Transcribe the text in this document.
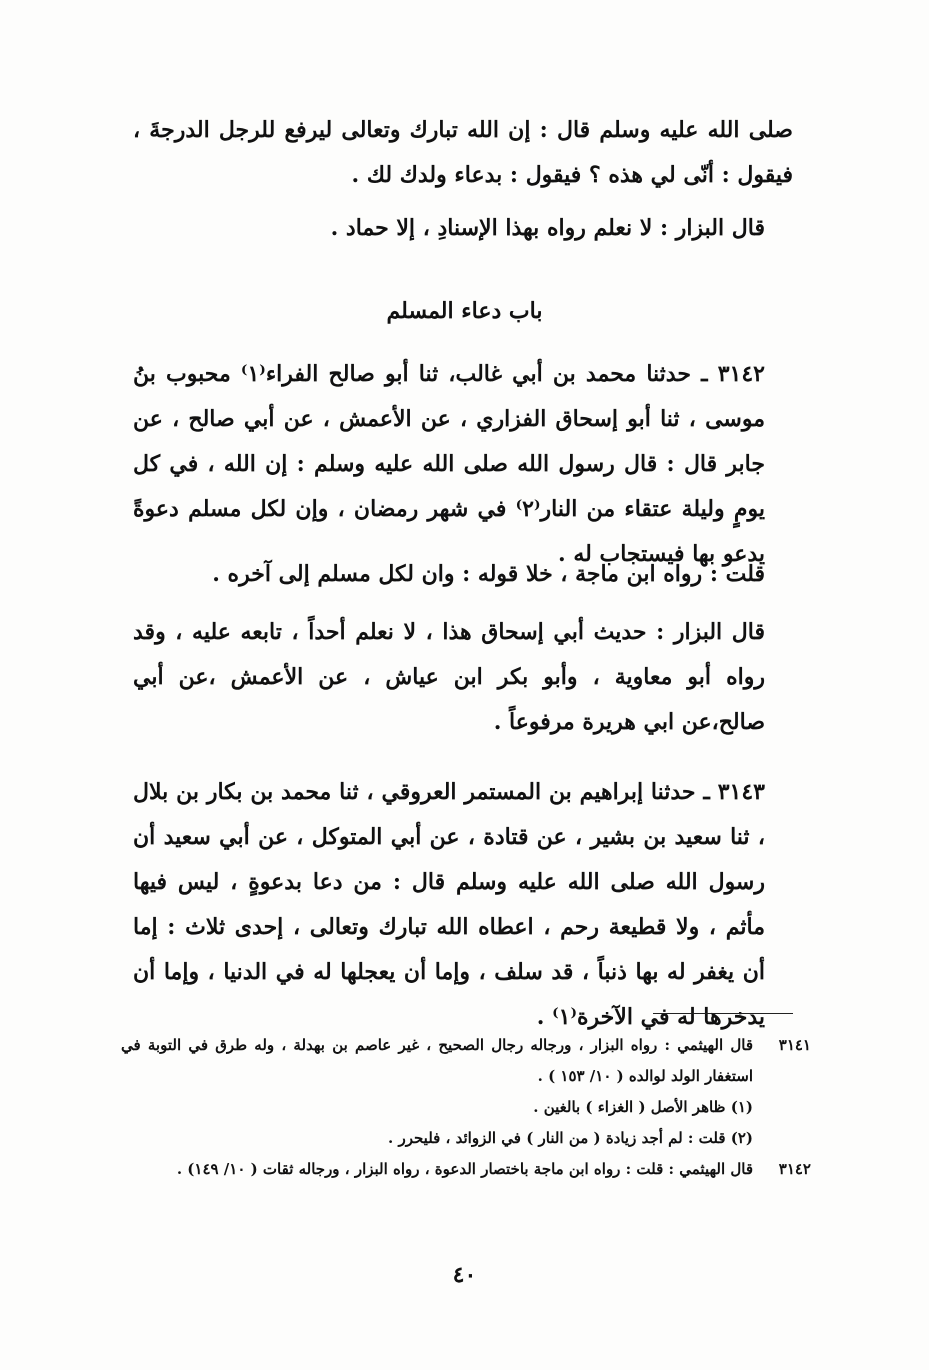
صلى الله عليه وسلم قال : إن الله تبارك وتعالى ليرفع للرجل الدرجةَ ، فيقول : أنّى لي هذه ؟ فيقول : بدعاء ولدك لك .

قال البزار : لا نعلم رواه بهذا الإسنادِ ، إلا حماد .

باب دعاء المسلم

٣١٤٢ ـ حدثنا محمد بن أبي غالب، ثنا أبو صالح الفراء⁽١⁾ محبوب بنُ موسى ، ثنا أبو إسحاق الفزاري ، عن الأعمش ، عن أبي صالح ، عن جابر قال : قال رسول الله صلى الله عليه وسلم : إن الله ، في كل يومٍ وليلة عتقاء من النار⁽٢⁾ في شهر رمضان ، وإن لكل مسلم دعوةً يدعو بها فيستجاب له .

قلت : رواه ابن ماجة ، خلا قوله : وان لكل مسلم إلى آخره .

قال البزار : حديث أبي إسحاق هذا ، لا نعلم أحداً ، تابعه عليه ، وقد رواه أبو معاوية ، وأبو بكر ابن عياش ، عن الأعمش ،عن أبي صالح،عن ابي هريرة مرفوعاً .

٣١٤٣ ـ حدثنا إبراهيم بن المستمر العروقي ، ثنا محمد بن بكار بن بلال ، ثنا سعيد بن بشير ، عن قتادة ، عن أبي المتوكل ، عن أبي سعيد أن رسول الله صلى الله عليه وسلم قال : من دعا بدعوةٍ ، ليس فيها مأثم ، ولا قطيعة رحم ، اعطاه الله تبارك وتعالى ، إحدى ثلاث : إما أن يغفر له بها ذنباً ، قد سلف ، وإما أن يعجلها له في الدنيا ، وإما أن يدخرها له في الآخرة⁽١⁾ .

٣١٤١
قال الهيثمي : رواه البزار ، ورجاله رجال الصحيح ، غير عاصم بن بهدلة ، وله طرق في التوبة في استغفار الولد لوالده ( ١٠/ ١٥٣ ) .
(١) ظاهر الأصل ( الغزاء ) بالغين .
(٢) قلت : لم أجد زيادة ( من النار ) في الزوائد ، فليحرر .
٣١٤٢
قال الهيثمي : قلت : رواه ابن ماجة باختصار الدعوة ، رواه البزار ، ورجاله ثقات ( ١٠/ ١٤٩) .
٤٠
